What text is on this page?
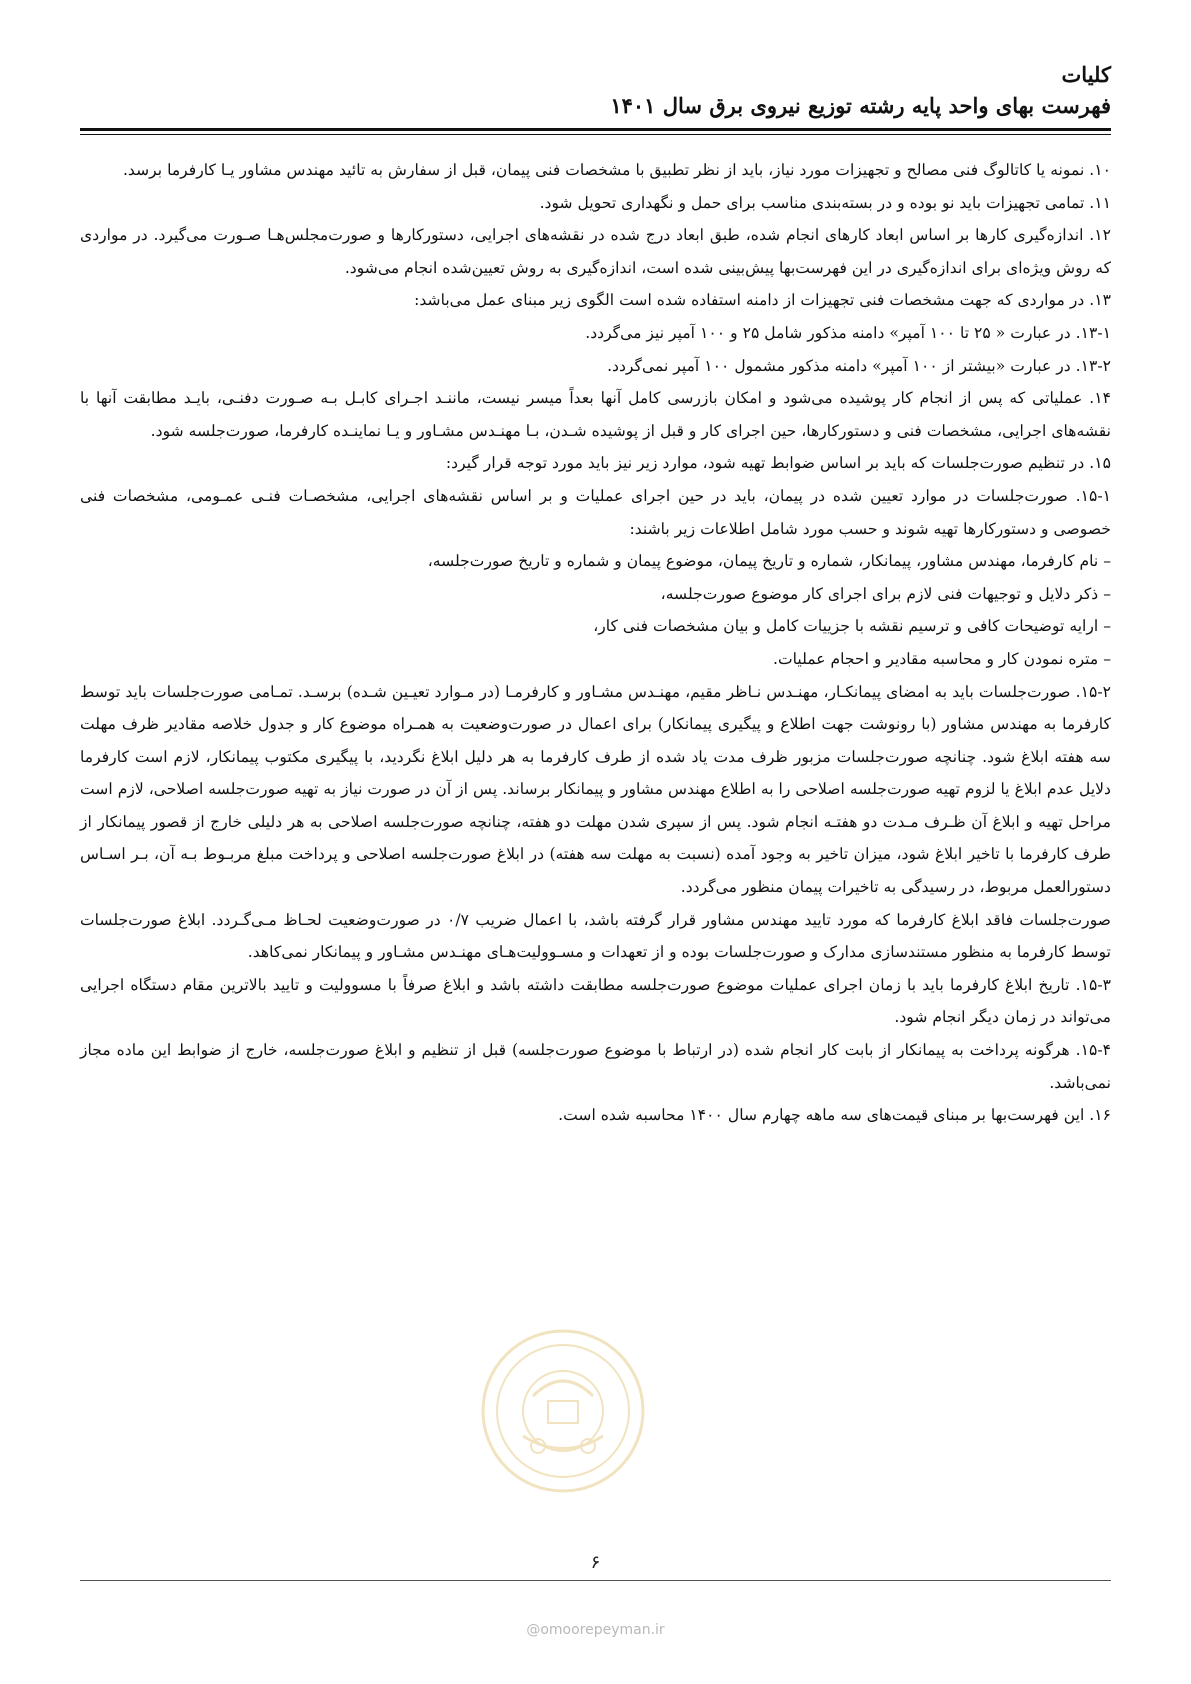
کلیات
فهرست بهای واحد پایه رشته توزیع نیروی برق سال ۱۴۰۱

۱۰. نمونه یا کاتالوگ فنی مصالح و تجهیزات مورد نیاز، باید از نظر تطبیق با مشخصات فنی پیمان، قبل از سفارش به تائید مهندس مشاور یـا کارفرما برسد.

۱۱. تمامی تجهیزات باید نو بوده و در بسته‌بندی مناسب برای حمل و نگهداری تحویل شود.

۱۲. اندازه‌گیری کارها بر اساس ابعاد کارهای انجام شده، طبق ابعاد درج شده در نقشه‌های اجرایی، دستورکارها و صورت‌مجلس‌هـا صـورت می‌گیرد. در مواردی که روش ویژه‌ای برای اندازه‌گیری در این فهرست‌بها پیش‌بینی شده است، اندازه‌گیری به روش تعیین‌شده انجام می‌شود.

۱۳. در مواردی که جهت مشخصات فنی تجهیزات از دامنه استفاده شده است الگوی زیر مبنای عمل می‌باشد:

۱۳-۱. در عبارت « ۲۵ تا ۱۰۰ آمپر» دامنه مذکور شامل ۲۵ و ۱۰۰ آمپر نیز می‌گردد.

۱۳-۲. در عبارت «بیشتر از ۱۰۰ آمپر» دامنه مذکور مشمول ۱۰۰ آمپر نمی‌گردد.

۱۴. عملیاتی که پس از انجام کار پوشیده می‌شود و امکان بازرسی کامل آنها بعداً میسر نیست، ماننـد اجـرای کابـل بـه صـورت دفنـی، بایـد مطابقت آنها با نقشه‌های اجرایی، مشخصات فنی و دستورکارها، حین اجرای کار و قبل از پوشیده شـدن، بـا مهنـدس مشـاور و یـا نماینـده کارفرما، صورت‌جلسه شود.

۱۵. در تنظیم صورت‌جلسات که باید بر اساس ضوابط تهیه شود، موارد زیر نیز باید مورد توجه قرار گیرد:

۱۵-۱. صورت‌جلسات در موارد تعیین شده در پیمان، باید در حین اجرای عملیات و بر اساس نقشه‌های اجرایی، مشخصـات فنـی عمـومی، مشخصات فنی خصوصی و دستورکارها تهیه شوند و حسب مورد شامل اطلاعات زیر باشند:

– نام کارفرما، مهندس مشاور، پیمانکار، شماره و تاریخ پیمان، موضوع پیمان و شماره و تاریخ صورت‌جلسه،

– ذکر دلایل و توجیهات فنی لازم برای اجرای کار موضوع صورت‌جلسه،

– ارایه توضیحات کافی و ترسیم نقشه با جزییات کامل و بیان مشخصات فنی کار،

– متره نمودن کار و محاسبه مقادیر و احجام عملیات.

۱۵-۲. صورت‌جلسات باید به امضای پیمانکـار، مهنـدس نـاظر مقیم، مهنـدس مشـاور و کارفرمـا (در مـوارد تعیـین شـده) برسـد. تمـامی صورت‌جلسات باید توسط کارفرما به مهندس مشاور (با رونوشت جهت اطلاع و پیگیری پیمانکار) برای اعمال در صورت‌وضعیت به همـراه موضوع کار و جدول خلاصه مقادیر ظرف مهلت سه هفته ابلاغ شود. چنانچه صورت‌جلسات مزبور ظرف مدت یاد شده از طرف کارفرما به هر دلیل ابلاغ نگردید، با پیگیری مکتوب پیمانکار، لازم است کارفرما دلایل عدم ابلاغ یا لزوم تهیه صورت‌جلسه اصلاحی را به اطلاع مهندس مشاور و پیمانکار برساند. پس از آن در صورت نیاز به تهیه صورت‌جلسه اصلاحی، لازم است مراحل تهیه و ابلاغ آن ظـرف مـدت دو هفتـه انجام شود. پس از سپری شدن مهلت دو هفته، چنانچه صورت‌جلسه اصلاحی به هر دلیلی خارج از قصور پیمانکار از طرف کارفرما با تاخیر ابلاغ شود، میزان تاخیر به وجود آمده (نسبت به مهلت سه هفته) در ابلاغ صورت‌جلسه اصلاحی و پرداخت مبلغ مربـوط بـه آن، بـر اسـاس دستورالعمل مربوط، در رسیدگی به تاخیرات پیمان منظور می‌گردد.

صورت‌جلسات فاقد ابلاغ کارفرما که مورد تایید مهندس مشاور قرار گرفته باشد، با اعمال ضریب ۰/۷ در صورت‌وضعیت لحـاظ مـی‌گـردد. ابلاغ صورت‌جلسات توسط کارفرما به منظور مستندسازی مدارک و صورت‌جلسات بوده و از تعهدات و مسـوولیت‌هـای مهنـدس مشـاور و پیمانکار نمی‌کاهد.

۱۵-۳. تاریخ ابلاغ کارفرما باید با زمان اجرای عملیات موضوع صورت‌جلسه مطابقت داشته باشد و ابلاغ صرفاً با مسوولیت و تایید بالاترین مقام دستگاه اجرایی می‌تواند در زمان دیگر انجام شود.

۱۵-۴. هرگونه پرداخت به پیمانکار از بابت کار انجام شده (در ارتباط با موضوع صورت‌جلسه) قبل از تنظیم و ابلاغ صورت‌جلسه، خارج از ضوابط این ماده مجاز نمی‌باشد.

۱۶. این فهرست‌بها بر مبنای قیمت‌های سه ماهه چهارم سال ۱۴۰۰ محاسبه شده است.

۶
@omoorepeyman.ir
